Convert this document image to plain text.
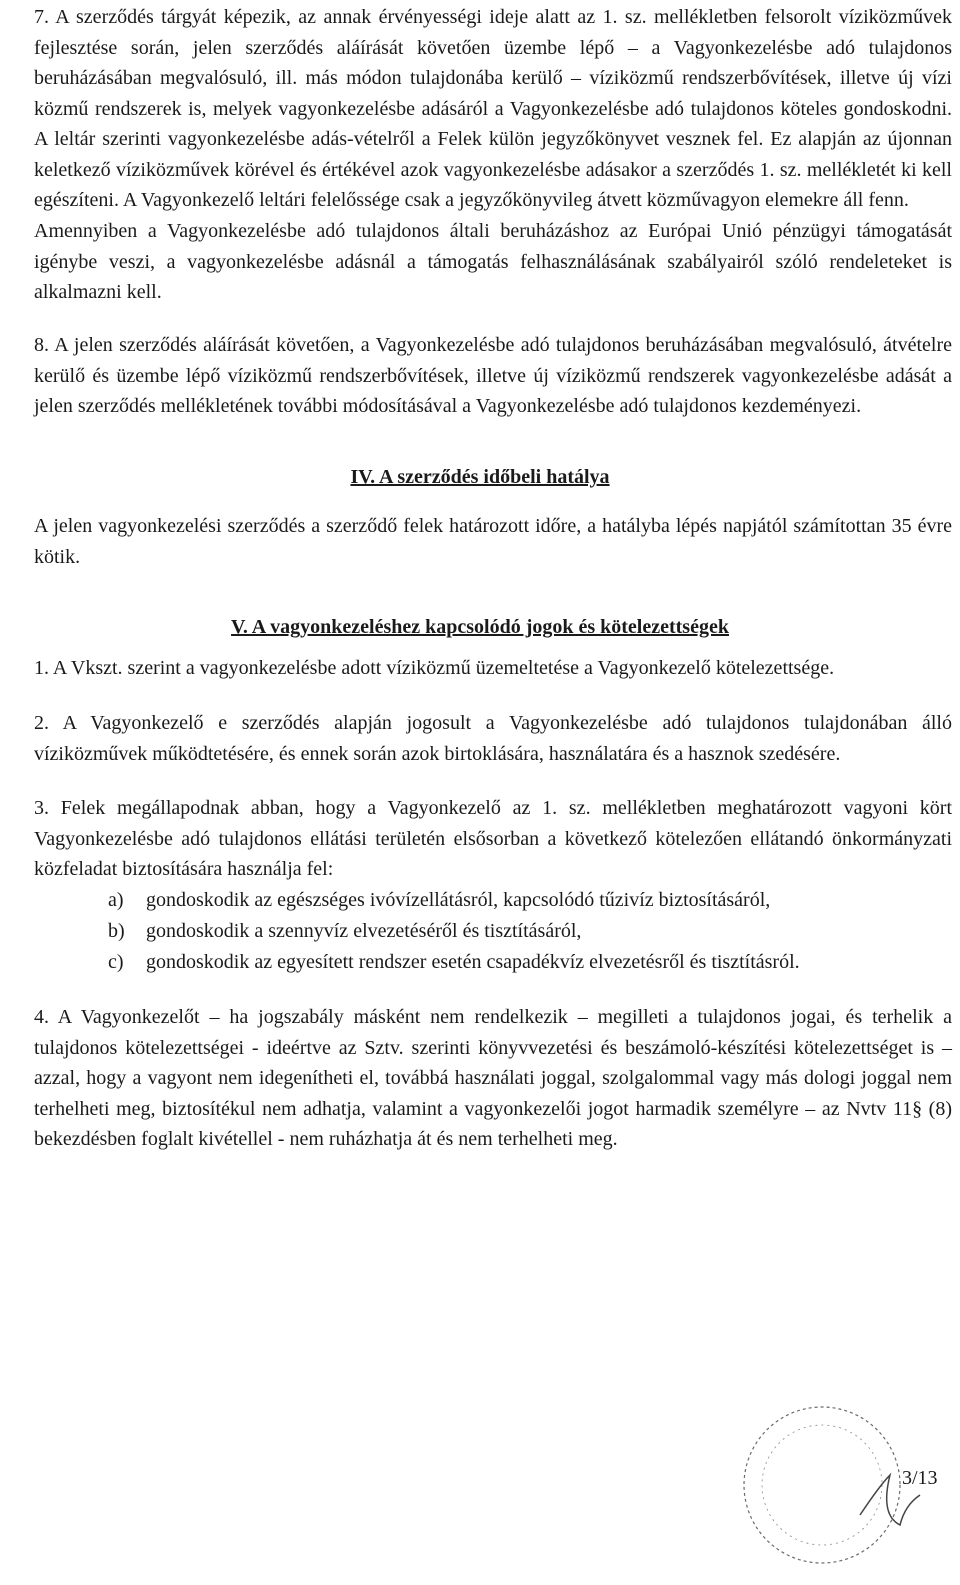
7. A szerződés tárgyát képezik, az annak érvényességi ideje alatt az 1. sz. mellékletben felsorolt víziközművek fejlesztése során, jelen szerződés aláírását követően üzembe lépő – a Vagyonkezelésbe adó tulajdonos beruházásában megvalósuló, ill. más módon tulajdonába kerülő – víziközmű rendszerbővítések, illetve új vízi közmű rendszerek is, melyek vagyonkezelésbe adásáról a Vagyonkezelésbe adó tulajdonos köteles gondoskodni. A leltár szerinti vagyonkezelésbe adás-vételről a Felek külön jegyzőkönyvet vesznek fel. Ez alapján az újonnan keletkező víziközművek körével és értékével azok vagyonkezelésbe adásakor a szerződés 1. sz. mellékletét ki kell egészíteni. A Vagyonkezelő leltári felelőssége csak a jegyzőkönyvileg átvett közművagyon elemekre áll fenn.

Amennyiben a Vagyonkezelésbe adó tulajdonos általi beruházáshoz az Európai Unió pénzügyi támogatását igénybe veszi, a vagyonkezelésbe adásnál a támogatás felhasználásának szabályairól szóló rendeleteket is alkalmazni kell.

8. A jelen szerződés aláírását követően, a Vagyonkezelésbe adó tulajdonos beruházásában megvalósuló, átvételre kerülő és üzembe lépő víziközmű rendszerbővítések, illetve új víziközmű rendszerek vagyonkezelésbe adását a jelen szerződés mellékletének további módosításával a Vagyonkezelésbe adó tulajdonos kezdeményezi.

IV. A szerződés időbeli hatálya

A jelen vagyonkezelési szerződés a szerződő felek határozott időre, a hatályba lépés napjától számítottan 35 évre kötik.

V. A vagyonkezeléshez kapcsolódó jogok és kötelezettségek

1. A Vkszt. szerint a vagyonkezelésbe adott víziközmű üzemeltetése a Vagyonkezelő kötelezettsége.

2. A Vagyonkezelő e szerződés alapján jogosult a Vagyonkezelésbe adó tulajdonos tulajdonában álló víziközművek működtetésére, és ennek során azok birtoklására, használatára és a hasznok szedésére.

3. Felek megállapodnak abban, hogy a Vagyonkezelő az 1. sz. mellékletben meghatározott vagyoni kört Vagyonkezelésbe adó tulajdonos ellátási területén elsősorban a következő kötelezően ellátandó önkormányzati közfeladat biztosítására használja fel:

a) gondoskodik az egészséges ivóvízellátásról, kapcsolódó tűzivíz biztosításáról,

b) gondoskodik a szennyvíz elvezetéséről és tisztításáról,

c) gondoskodik az egyesített rendszer esetén csapadékvíz elvezetésről és tisztításról.

4. A Vagyonkezelőt – ha jogszabály másként nem rendelkezik – megilleti a tulajdonos jogai, és terhelik a tulajdonos kötelezettségei - ideértve az Sztv. szerinti könyvvezetési és beszámoló-készítési kötelezettséget is – azzal, hogy a vagyont nem idegenítheti el, továbbá használati joggal, szolgalommal vagy más dologi joggal nem terhelheti meg, biztosítékul nem adhatja, valamint a vagyonkezelői jogot harmadik személyre – az Nvtv 11§ (8) bekezdésben foglalt kivétellel - nem ruházhatja át és nem terhelheti meg.

3/13
